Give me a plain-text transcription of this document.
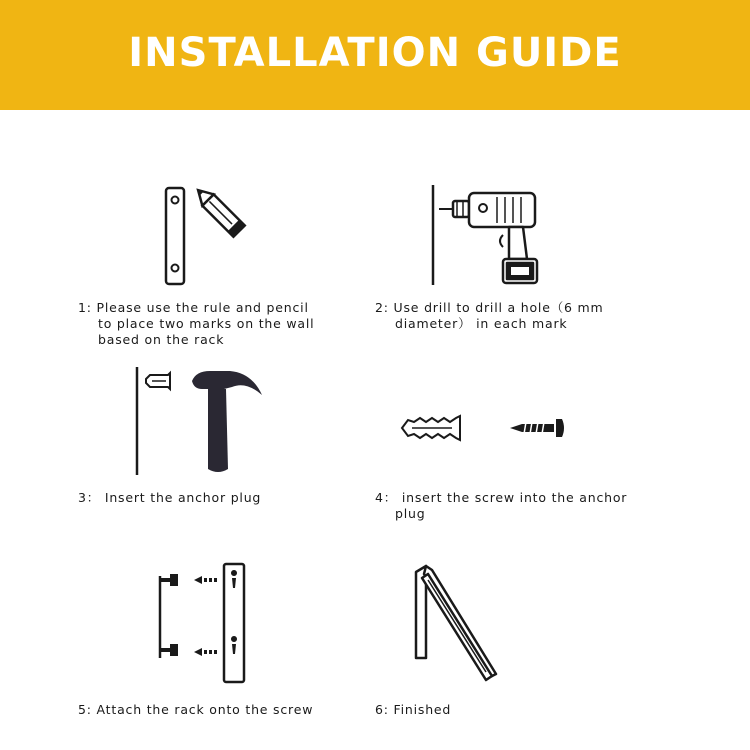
INSTALLATION GUIDE
1: Please use the rule and pencil
to place two marks on the wall
based on the rack
2: Use drill to drill a hole（6 mm
diameter） in each mark
3： Insert the anchor plug	4： insert the screw into the anchor
plug
5: Attach the rack onto the screw	6: Finished
